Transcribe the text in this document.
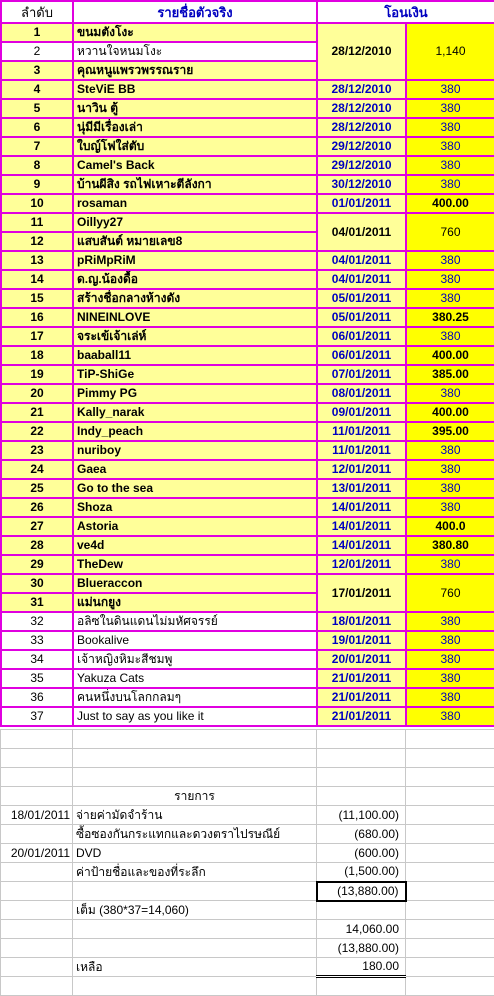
ลำดับ	รายชื่อตัวจริง	โอนเงิน	
1	ขนมตังโงะ	28/12/2010	1,140
2	หวานใจหนมโงะ		
3	คุณหนูแพรวพรรณราย		
4	SteViE BB	28/12/2010	380
5	นาวิน ตู้	28/12/2010	380
6	นุ่มีมีเรื่องเล่า	28/12/2010	380
7	ใบญ์โฟใส่ตับ	29/12/2010	380
8	Camel's Back	29/12/2010	380
9	บ้านผีสิง รถไฟเหาะตีลังกา	30/12/2010	380
10	rosaman	01/01/2011	400.00
11	Oillyy27	04/01/2011	760
12	แสบสันต์ หมายเลข8		
13	pRiMpRiM	04/01/2011	380
14	ด.ญ.น้องดื้อ	04/01/2011	380
15	สร้างชื่อกลางห้างดัง	05/01/2011	380
16	NINEINLOVE	05/01/2011	380.25
17	จระเข้เจ้าเล่ห์	06/01/2011	380
18	baaball11	06/01/2011	400.00
19	TiP-ShiGe	07/01/2011	385.00
20	Pimmy PG	08/01/2011	380
21	Kally_narak	09/01/2011	400.00
22	Indy_peach	11/01/2011	395.00
23	nuriboy	11/01/2011	380
24	Gaea	12/01/2011	380
25	Go to the sea	13/01/2011	380
26	Shoza	14/01/2011	380
27	Astoria	14/01/2011	400.0
28	ve4d	14/01/2011	380.80
29	TheDew	12/01/2011	380
30	Blueraccon	17/01/2011	760
31	แม่นกยูง		
32	อลิซในดินแดนไม่มหัศจรรย์	18/01/2011	380
33	Bookalive	19/01/2011	380
34	เจ้าหญิงหิมะสีชมพู	20/01/2011	380
35	Yakuza Cats	21/01/2011	380
36	คนหนึ่งบนโลกกลมๆ	21/01/2011	380
37	Just to say as you like it	21/01/2011	380

	รายการ		
18/01/2011	จ่ายค่ามัดจำร้าน	(11,100.00)	
	ซื้อซองกันกระแทกและดวงตราไปรษณีย์	(680.00)	
20/01/2011	DVD	(600.00)	
	ค่าป้ายชื่อและของที่ระลึก	(1,500.00)	
		(13,880.00)	
	เต็ม (380*37=14,060)		
		14,060.00	
		(13,880.00)	
	เหลือ	180.00	
